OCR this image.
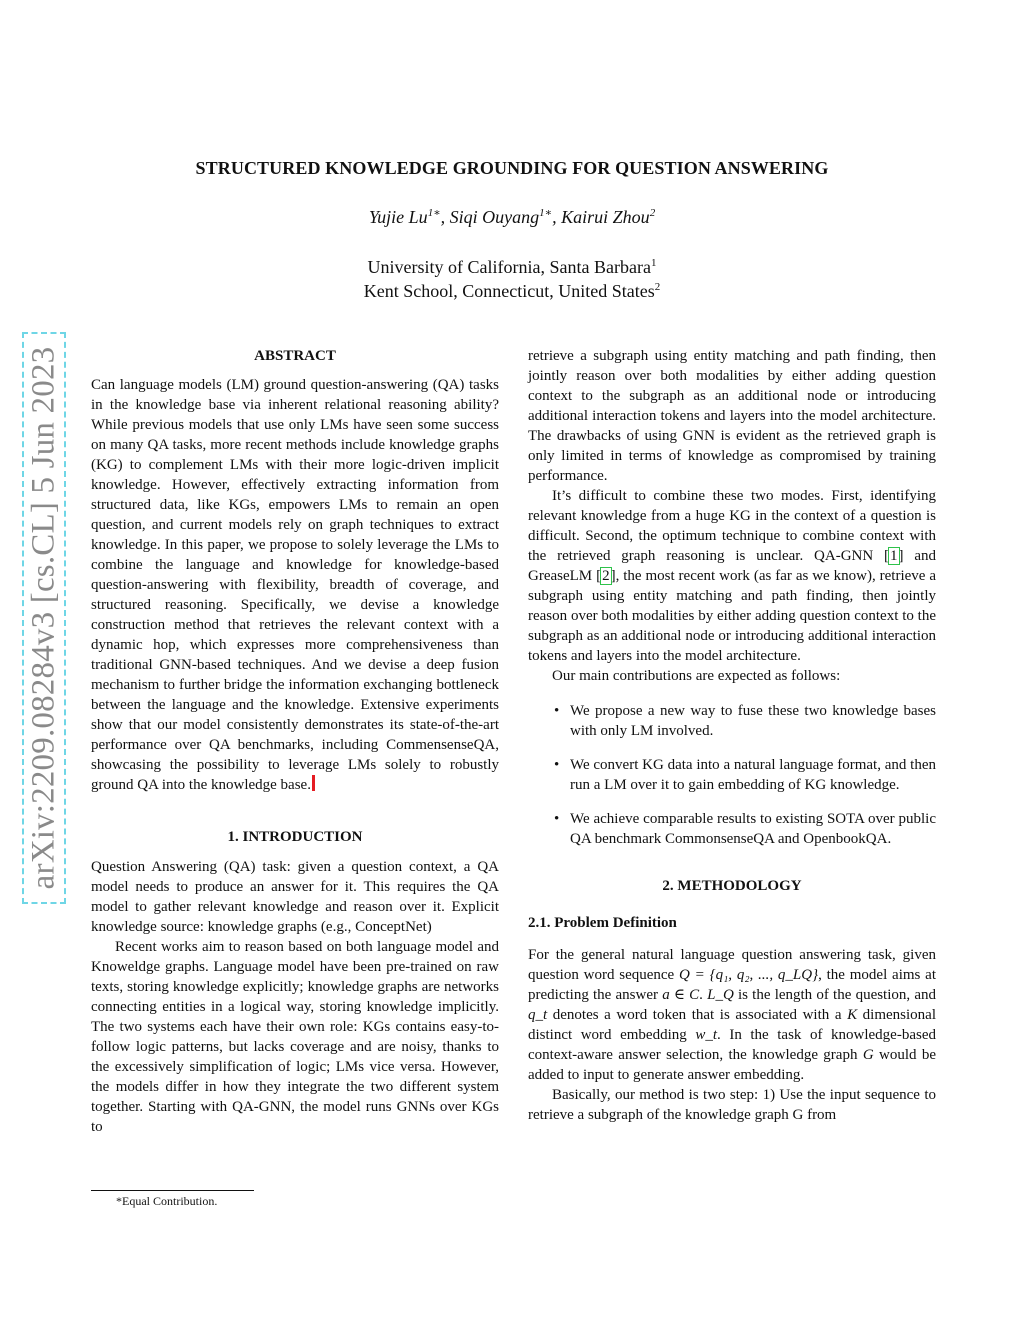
arXiv:2209.08284v3 [cs.CL] 5 Jun 2023
STRUCTURED KNOWLEDGE GROUNDING FOR QUESTION ANSWERING
Yujie $Lu^{1∗}$, Siqi Ouyang$^{1∗}$, Kairui Zhou$^2$
University of California, Santa Barbara$^1$
Kent School, Connecticut, United States$^2$

ABSTRACT

Can language models (LM) ground question-answering (QA) tasks in the knowledge base via inherent relational reasoning ability? While previous models that use only LMs have seen some success on many QA tasks, more recent methods include knowledge graphs (KG) to complement LMs with their more logic-driven implicit knowledge. However, effectively extracting information from structured data, like KGs, empowers LMs to remain an open question, and current models rely on graph techniques to extract knowledge. In this paper, we propose to solely leverage the LMs to combine the language and knowledge for knowledge-based question-answering with flexibility, breadth of coverage, and structured reasoning. Specifically, we devise a knowledge construction method that retrieves the relevant context with a dynamic hop, which expresses more comprehensiveness than traditional GNN-based techniques. And we devise a deep fusion mechanism to further bridge the information exchanging bottleneck between the language and the knowledge. Extensive experiments show that our model consistently demonstrates its state-of-the-art performance over QA benchmarks, including CommensenseQA, showcasing the possibility to leverage LMs solely to robustly ground QA into the knowledge base.

1. INTRODUCTION

Question Answering (QA) task: given a question context, a QA model needs to produce an answer for it. This requires the QA model to gather relevant knowledge and reason over it. Explicit knowledge source: knowledge graphs (e.g., ConceptNet)

Recent works aim to reason based on both language model and Knoweldge graphs. Language model have been pre-trained on raw texts, storing knowledge explicitly; knowledge graphs are networks connecting entities in a logical way, storing knowledge implicitly. The two systems each have their own role: KGs contains easy-to-follow logic patterns, but lacks coverage and are noisy, thanks to the excessively simplification of logic; LMs vice versa. However, the models differ in how they integrate the two different system together. Starting with QA-GNN, the model runs GNNs over KGs to

retrieve a subgraph using entity matching and path finding, then jointly reason over both modalities by either adding question context to the subgraph as an additional node or introducing additional interaction tokens and layers into the model architecture. The drawbacks of using GNN is evident as the retrieved graph is only limited in terms of knowledge as compromised by training performance.

It’s difficult to combine these two modes. First, identifying relevant knowledge from a huge KG in the context of a question is difficult. Second, the optimum technique to combine context with the retrieved graph reasoning is unclear. QA-GNN [1] and GreaseLM [2], the most recent work (as far as we know), retrieve a subgraph using entity matching and path finding, then jointly reason over both modalities by either adding question context to the subgraph as an additional node or introducing additional interaction tokens and layers into the model architecture.

Our main contributions are expected as follows:

• We propose a new way to fuse these two knowledge bases with only LM involved.
• We convert KG data into a natural language format, and then run a LM over it to gain embedding of KG knowledge.
• We achieve comparable results to existing SOTA over public QA benchmark CommonsenseQA and OpenbookQA.

2. METHODOLOGY

2.1. Problem Definition

For the general natural language question answering task, given question word sequence Q = {q₁, q₂, ..., q_LQ}, the model aims at predicting the answer a ∈ C. L_Q is the length of the question, and q_t denotes a word token that is associated with a K dimensional distinct word embedding w_t. In the task of knowledge-based context-aware answer selection, the knowledge graph G would be added to input to generate answer embedding.

Basically, our method is two step: 1) Use the input sequence to retrieve a subgraph of the knowledge graph G from

*Equal Contribution.
